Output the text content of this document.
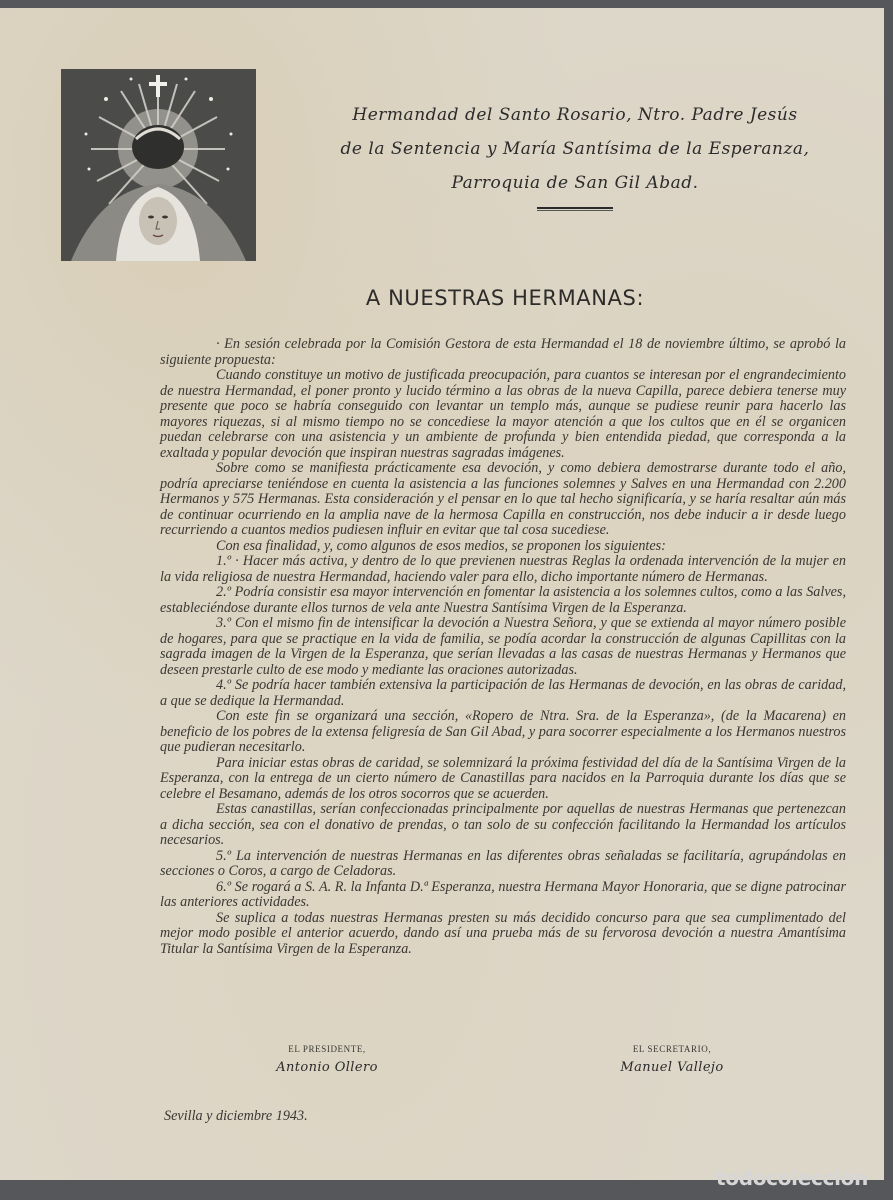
Hermandad del Santo Rosario, Ntro. Padre Jesús
de la Sentencia y María Santísima de la Esperanza,
Parroquia de San Gil Abad.
A NUESTRAS HERMANAS:

· En sesión celebrada por la Comisión Gestora de esta Hermandad el 18 de noviembre último, se aprobó la siguiente propuesta:

Cuando constituye un motivo de justificada preocupación, para cuantos se interesan por el engrandecimiento de nuestra Hermandad, el poner pronto y lucido término a las obras de la nueva Capilla, parece debiera tenerse muy presente que poco se habría conseguido con levantar un templo más, aunque se pudiese reunir para hacerlo las mayores riquezas, si al mismo tiempo no se concediese la mayor atención a que los cultos que en él se organicen puedan celebrarse con una asistencia y un ambiente de profunda y bien entendida piedad, que corresponda a la exaltada y popular devoción que inspiran nuestras sagradas imágenes.

Sobre como se manifiesta prácticamente esa devoción, y como debiera demostrarse durante todo el año, podría apreciarse teniéndose en cuenta la asistencia a las funciones solemnes y Salves en una Hermandad con 2.200 Hermanos y 575 Hermanas. Esta consideración y el pensar en lo que tal hecho significaría, y se haría resaltar aún más de continuar ocurriendo en la amplia nave de la hermosa Capilla en construcción, nos debe inducir a ir desde luego recurriendo a cuantos medios pudiesen influir en evitar que tal cosa sucediese.

Con esa finalidad, y, como algunos de esos medios, se proponen los siguientes:

1.º · Hacer más activa, y dentro de lo que previenen nuestras Reglas la ordenada intervención de la mujer en la vida religiosa de nuestra Hermandad, haciendo valer para ello, dicho importante número de Hermanas.

2.º Podría consistir esa mayor intervención en fomentar la asistencia a los solemnes cultos, como a las Salves, estableciéndose durante ellos turnos de vela ante Nuestra Santísima Virgen de la Esperanza.

3.º Con el mismo fin de intensificar la devoción a Nuestra Señora, y que se extienda al mayor número posible de hogares, para que se practique en la vida de familia, se podía acordar la construcción de algunas Capillitas con la sagrada imagen de la Virgen de la Esperanza, que serían llevadas a las casas de nuestras Hermanas y Hermanos que deseen prestarle culto de ese modo y mediante las oraciones autorizadas.

4.º Se podría hacer también extensiva la participación de las Hermanas de devoción, en las obras de caridad, a que se dedique la Hermandad.

Con este fin se organizará una sección, «Ropero de Ntra. Sra. de la Esperanza», (de la Macarena) en beneficio de los pobres de la extensa feligresía de San Gil Abad, y para socorrer especialmente a los Hermanos nuestros que pudieran necesitarlo.

Para iniciar estas obras de caridad, se solemnizará la próxima festividad del día de la Santísima Virgen de la Esperanza, con la entrega de un cierto número de Canastillas para nacidos en la Parroquia durante los días que se celebre el Besamano, además de los otros socorros que se acuerden.

Estas canastillas, serían confeccionadas principalmente por aquellas de nuestras Hermanas que pertenezcan a dicha sección, sea con el donativo de prendas, o tan solo de su confección facilitando la Hermandad los artículos necesarios.

5.º La intervención de nuestras Hermanas en las diferentes obras señaladas se facilitaría, agrupándolas en secciones o Coros, a cargo de Celadoras.

6.º Se rogará a S. A. R. la Infanta D.ª Esperanza, nuestra Hermana Mayor Honoraria, que se digne patrocinar las anteriores actividades.

Se suplica a todas nuestras Hermanas presten su más decidido concurso para que sea cumplimentado del mejor modo posible el anterior acuerdo, dando así una prueba más de su fervorosa devoción a nuestra Amantísima Titular la Santísima Virgen de la Esperanza.

EL PRESIDENTE,
Antonio Ollero
EL SECRETARIO,
Manuel Vallejo
Sevilla y diciembre 1943.
todocoleccion
